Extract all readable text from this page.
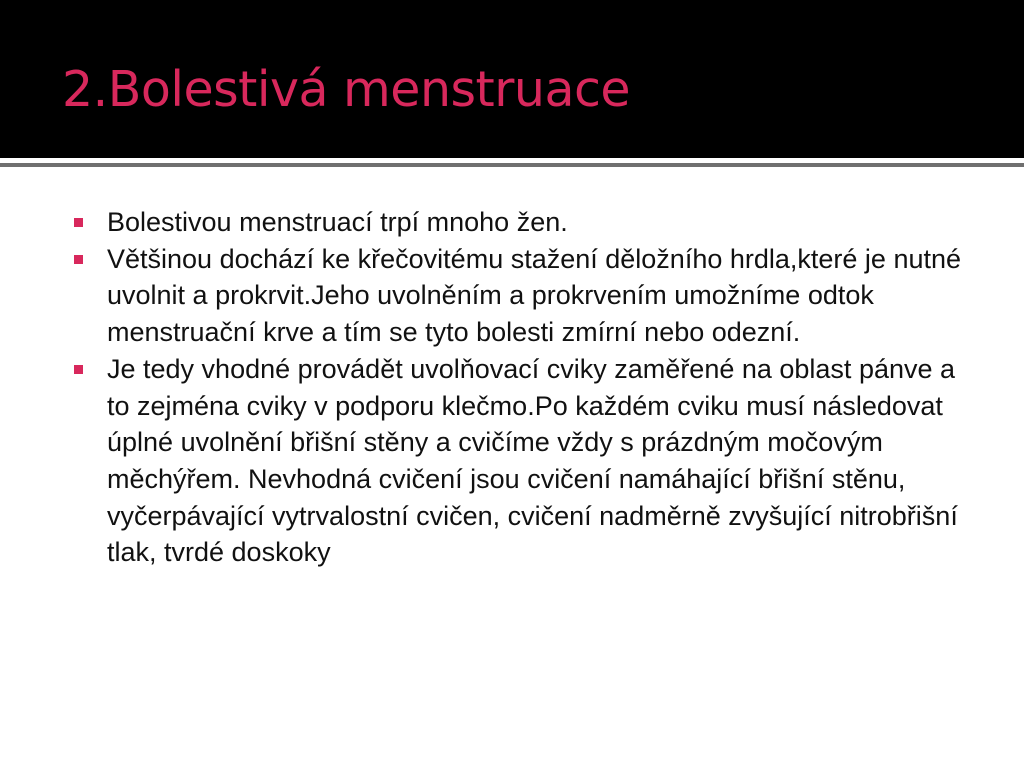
2.Bolestivá menstruace
Bolestivou menstruací trpí mnoho žen.
Většinou dochází ke křečovitému stažení děložního hrdla,které je nutné uvolnit a prokrvit.Jeho uvolněním a prokrvením umožníme odtok menstruační krve a tím se tyto bolesti zmírní nebo odezní.
Je tedy vhodné provádět uvolňovací cviky zaměřené na oblast pánve a to zejména cviky v podporu klečmo.Po každém cviku musí následovat úplné uvolnění břišní stěny a cvičíme vždy s prázdným močovým měchýřem. Nevhodná cvičení jsou cvičení namáhající břišní stěnu, vyčerpávající vytrvalostní cvičen, cvičení nadměrně zvyšující nitrobřišní tlak, tvrdé doskoky
